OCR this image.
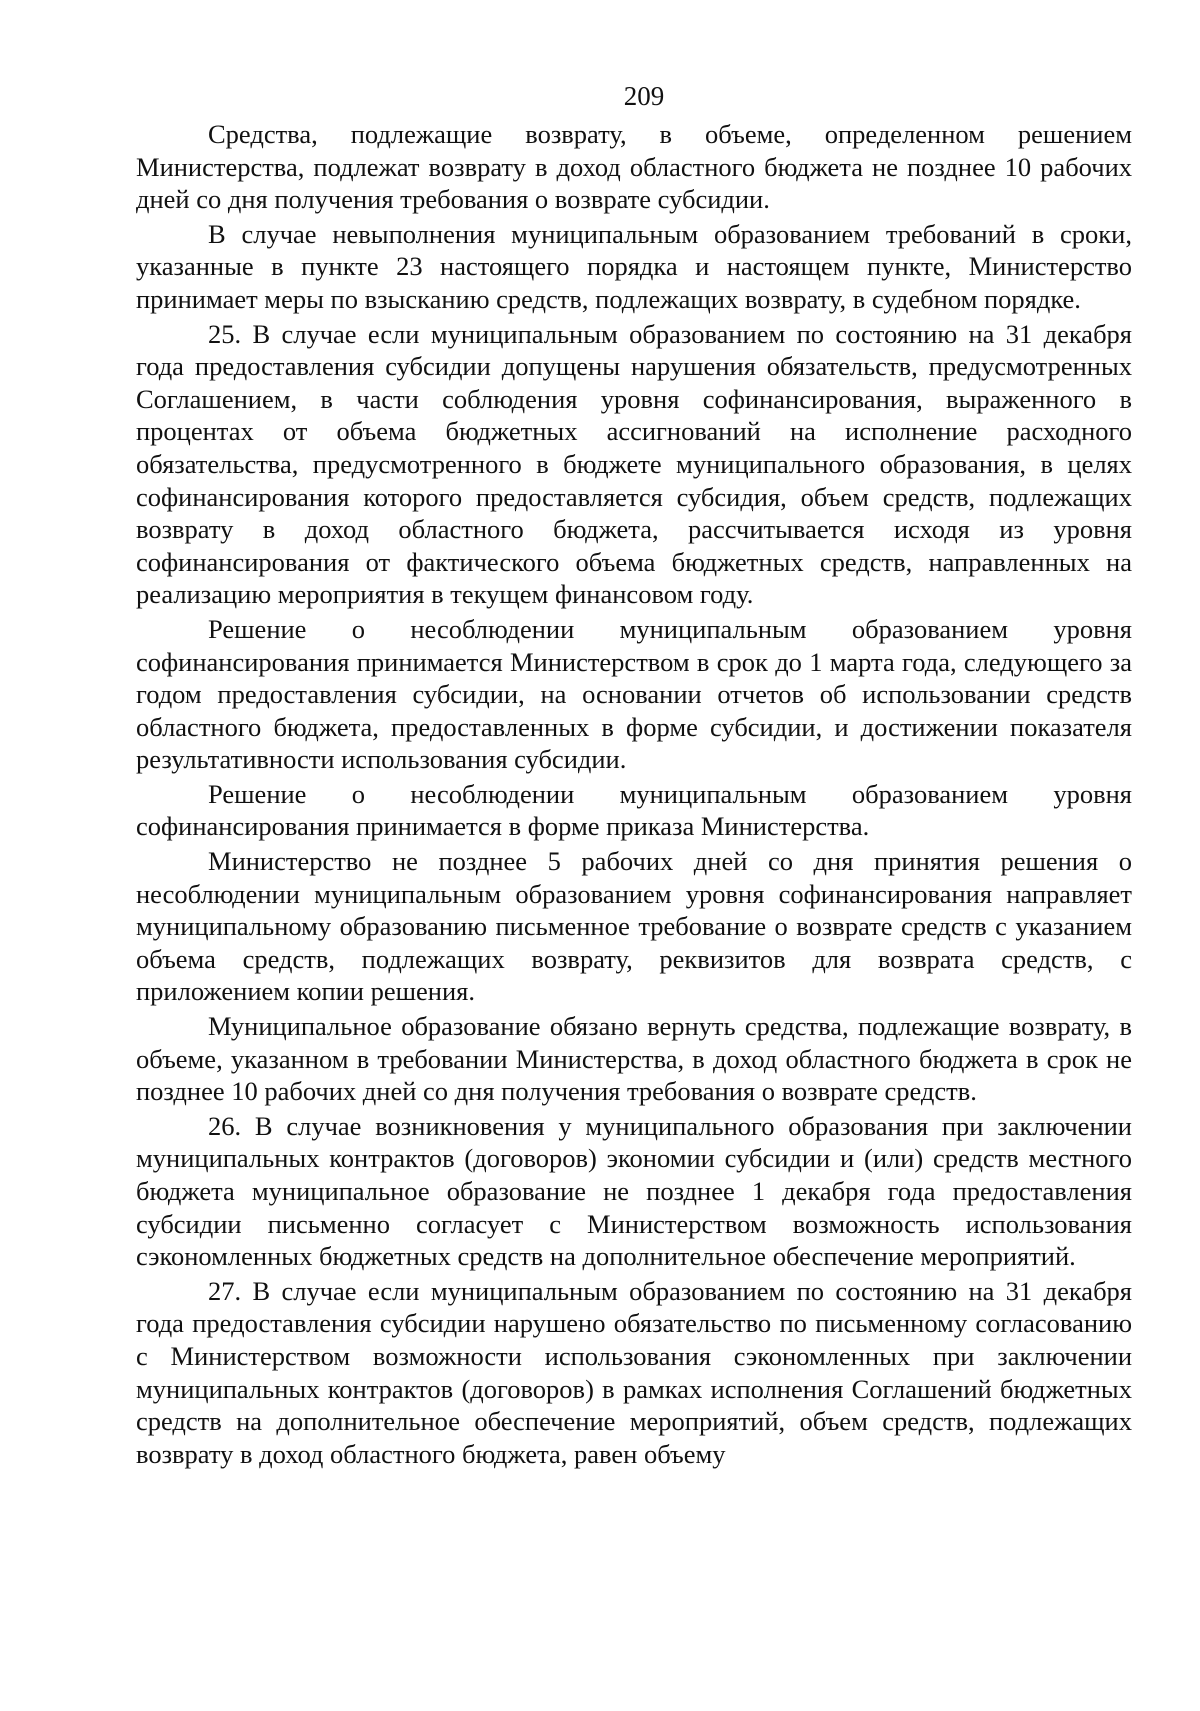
209

Средства, подлежащие возврату, в объеме, определенном решением Министерства, подлежат возврату в доход областного бюджета не позднее 10 рабочих дней со дня получения требования о возврате субсидии.

В случае невыполнения муниципальным образованием требований в сроки, указанные в пункте 23 настоящего порядка и настоящем пункте, Министерство принимает меры по взысканию средств, подлежащих возврату, в судебном порядке.

25. В случае если муниципальным образованием по состоянию на 31 декабря года предоставления субсидии допущены нарушения обязательств, предусмотренных Соглашением, в части соблюдения уровня софинансирования, выраженного в процентах от объема бюджетных ассигнований на исполнение расходного обязательства, предусмотренного в бюджете муниципального образования, в целях софинансирования которого предоставляется субсидия, объем средств, подлежащих возврату в доход областного бюджета, рассчитывается исходя из уровня софинансирования от фактического объема бюджетных средств, направленных на реализацию мероприятия в текущем финансовом году.

Решение о несоблюдении муниципальным образованием уровня софинансирования принимается Министерством в срок до 1 марта года, следующего за годом предоставления субсидии, на основании отчетов об использовании средств областного бюджета, предоставленных в форме субсидии, и достижении показателя результативности использования субсидии.

Решение о несоблюдении муниципальным образованием уровня софинансирования принимается в форме приказа Министерства.

Министерство не позднее 5 рабочих дней со дня принятия решения о несоблюдении муниципальным образованием уровня софинансирования направляет муниципальному образованию письменное требование о возврате средств с указанием объема средств, подлежащих возврату, реквизитов для возврата средств, с приложением копии решения.

Муниципальное образование обязано вернуть средства, подлежащие возврату, в объеме, указанном в требовании Министерства, в доход областного бюджета в срок не позднее 10 рабочих дней со дня получения требования о возврате средств.

26. В случае возникновения у муниципального образования при заключении муниципальных контрактов (договоров) экономии субсидии и (или) средств местного бюджета муниципальное образование не позднее 1 декабря года предоставления субсидии письменно согласует с Министерством возможность использования сэкономленных бюджетных средств на дополнительное обеспечение мероприятий.

27. В случае если муниципальным образованием по состоянию на 31 декабря года предоставления субсидии нарушено обязательство по письменному согласованию с Министерством возможности использования сэкономленных при заключении муниципальных контрактов (договоров) в рамках исполнения Соглашений бюджетных средств на дополнительное обеспечение мероприятий, объем средств, подлежащих возврату в доход областного бюджета, равен объему
